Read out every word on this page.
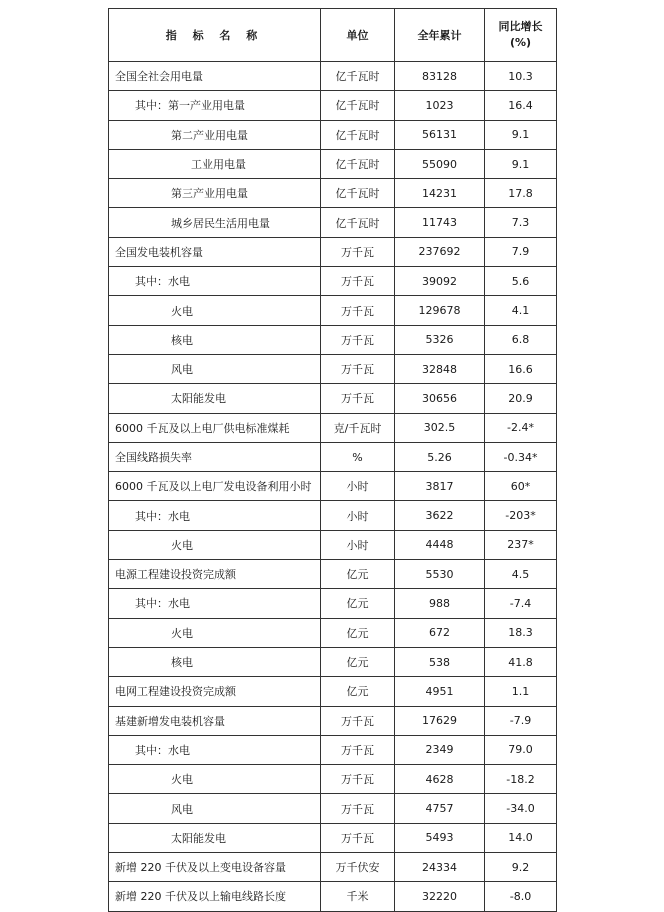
指 标 名 称	单位	全年累计	同比增长
(%)

全国全社会用电量	亿千瓦时	83128	10.3
其中：第一产业用电量	亿千瓦时	1023	16.4
第二产业用电量	亿千瓦时	56131	9.1
工业用电量	亿千瓦时	55090	9.1
第三产业用电量	亿千瓦时	14231	17.8
城乡居民生活用电量	亿千瓦时	11743	7.3
全国发电装机容量	万千瓦	237692	7.9
其中：水电	万千瓦	39092	5.6
火电	万千瓦	129678	4.1
核电	万千瓦	5326	6.8
风电	万千瓦	32848	16.6
太阳能发电	万千瓦	30656	20.9
6000 千瓦及以上电厂供电标准煤耗	克/千瓦时	302.5	-2.4*
全国线路损失率	%	5.26	-0.34*
6000 千瓦及以上电厂发电设备利用小时	小时	3817	60*
其中：水电	小时	3622	-203*
火电	小时	4448	237*
电源工程建设投资完成额	亿元	5530	4.5
其中：水电	亿元	988	-7.4
火电	亿元	672	18.3
核电	亿元	538	41.8
电网工程建设投资完成额	亿元	4951	1.1
基建新增发电装机容量	万千瓦	17629	-7.9
其中：水电	万千瓦	2349	79.0
火电	万千瓦	4628	-18.2
风电	万千瓦	4757	-34.0
太阳能发电	万千瓦	5493	14.0
新增 220 千伏及以上变电设备容量	万千伏安	24334	9.2
新增 220 千伏及以上输电线路长度	千米	32220	-8.0
